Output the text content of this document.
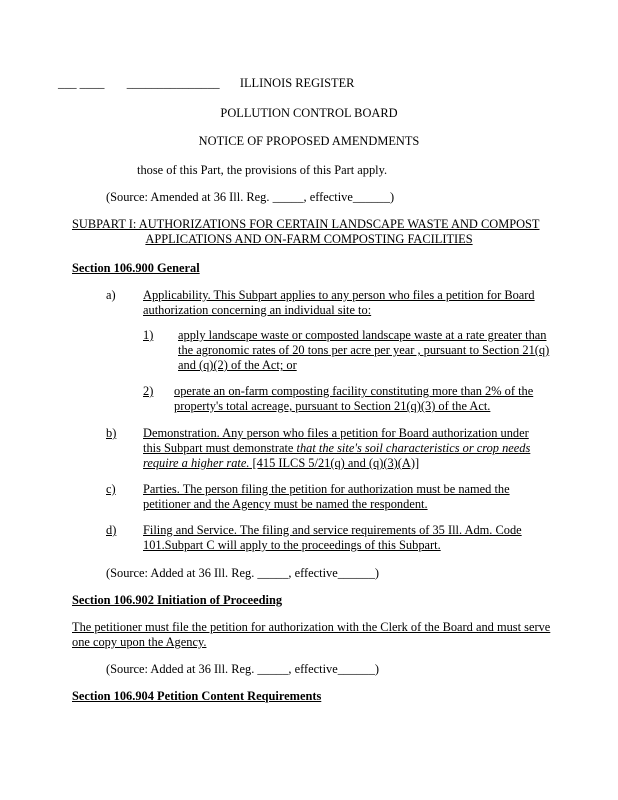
___ ____ _______________ ILLINOIS REGISTER
POLLUTION CONTROL BOARD
NOTICE OF PROPOSED AMENDMENTS
those of this Part, the provisions of this Part apply.
(Source: Amended at 36 Ill. Reg. _____, effective______)
SUBPART I: AUTHORIZATIONS FOR CERTAIN LANDSCAPE WASTE AND COMPOST
APPLICATIONS AND ON-FARM COMPOSTING FACILITIES
Section 106.900 General
a) Applicability. This Subpart applies to any person who files a petition for Board
authorization concerning an individual site to:
1) apply landscape waste or composted landscape waste at a rate greater than
the agronomic rates of 20 tons per acre per year , pursuant to Section 21(q)
and (q)(2) of the Act; or
2) operate an on-farm composting facility constituting more than 2% of the
property's total acreage, pursuant to Section 21(q)(3) of the Act.
b) Demonstration. Any person who files a petition for Board authorization under
this Subpart must demonstrate that the site's soil characteristics or crop needs
require a higher rate. [415 ILCS 5/21(q) and (q)(3)(A)]
c) Parties. The person filing the petition for authorization must be named the
petitioner and the Agency must be named the respondent.
d) Filing and Service. The filing and service requirements of 35 Ill. Adm. Code
101.Subpart C will apply to the proceedings of this Subpart.
(Source: Added at 36 Ill. Reg. _____, effective______)
Section 106.902 Initiation of Proceeding
The petitioner must file the petition for authorization with the Clerk of the Board and must serve
one copy upon the Agency.
(Source: Added at 36 Ill. Reg. _____, effective______)
Section 106.904 Petition Content Requirements
